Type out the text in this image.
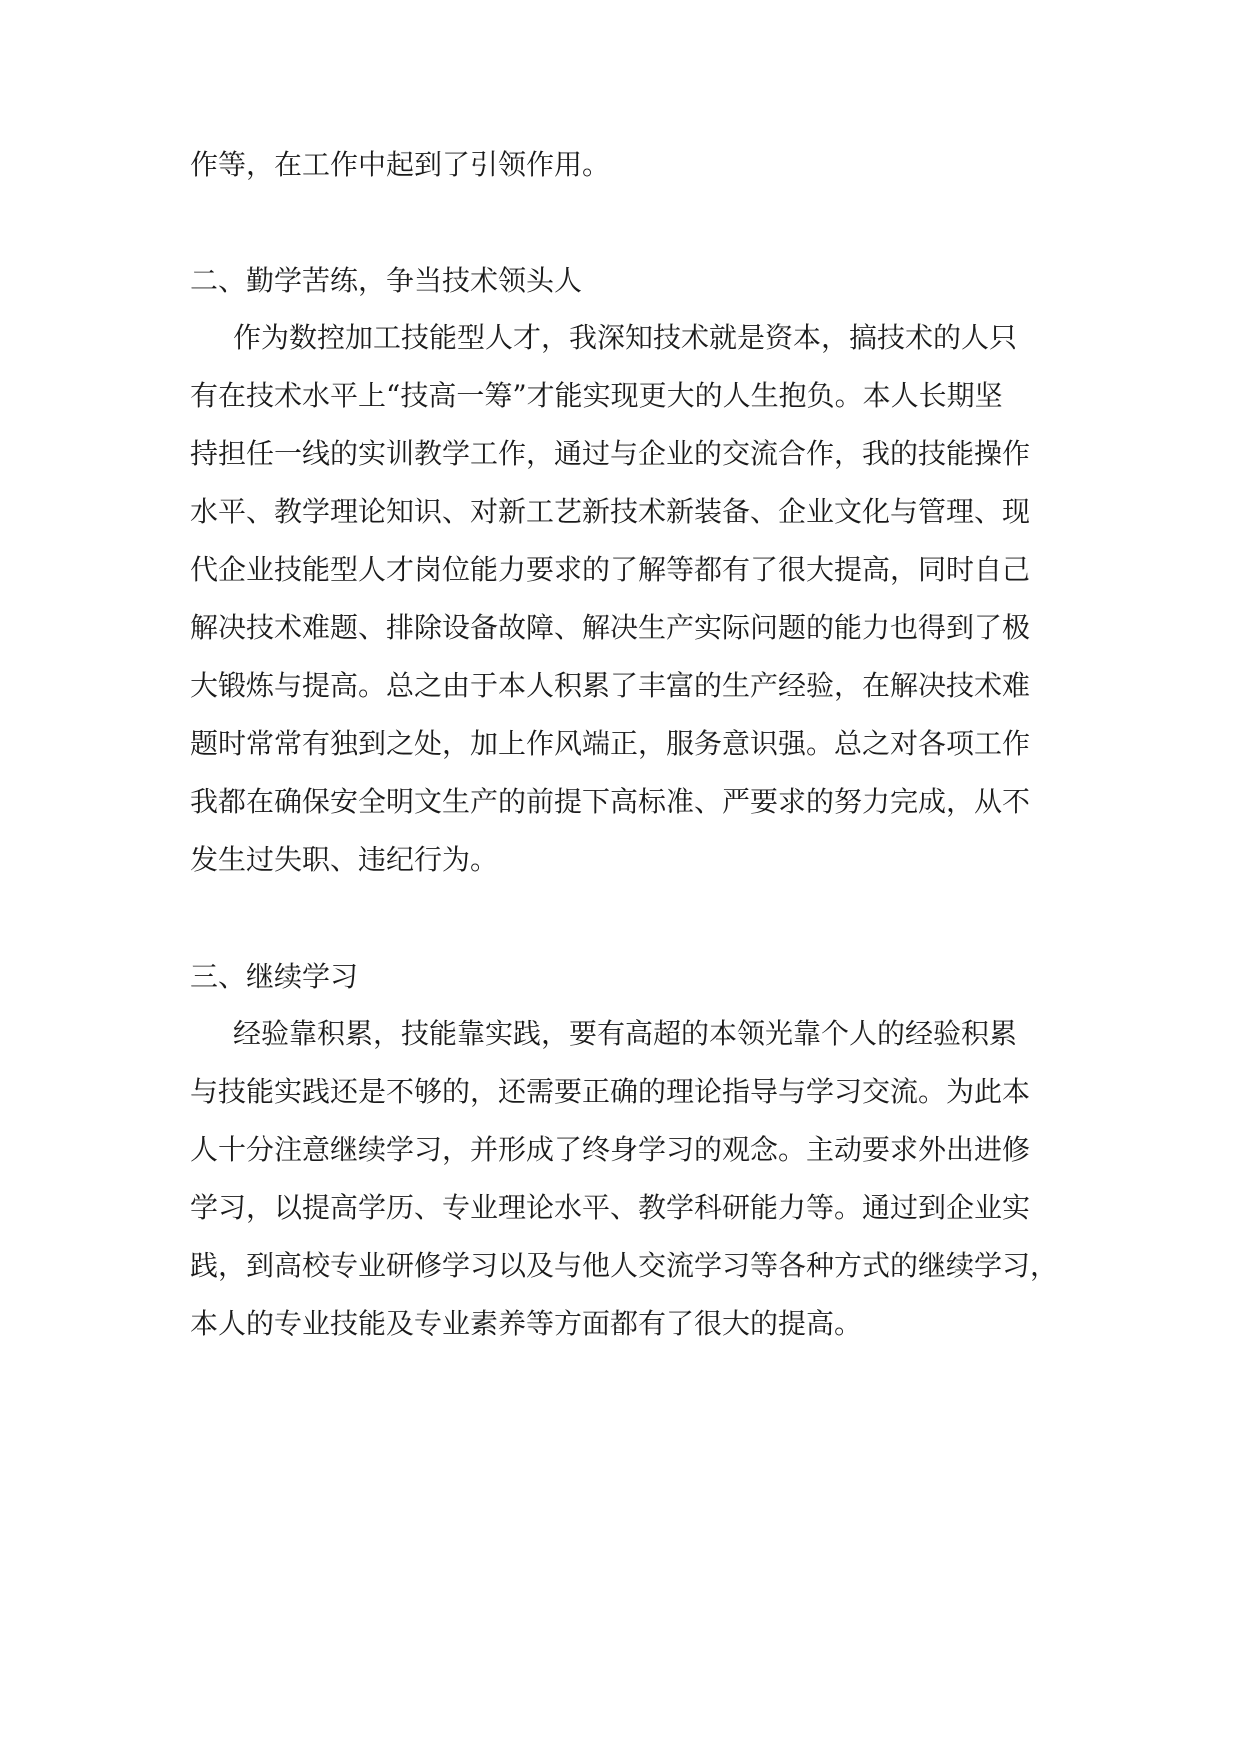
作等，在工作中起到了引领作用。
二、勤学苦练，争当技术领头人
作为数控加工技能型人才，我深知技术就是资本，搞技术的人只
有在技术水平上“技高一筹”才能实现更大的人生抱负。本人长期坚
持担任一线的实训教学工作，通过与企业的交流合作，我的技能操作
水平、教学理论知识、对新工艺新技术新装备、企业文化与管理、现
代企业技能型人才岗位能力要求的了解等都有了很大提高，同时自己
解决技术难题、排除设备故障、解决生产实际问题的能力也得到了极
大锻炼与提高。总之由于本人积累了丰富的生产经验，在解决技术难
题时常常有独到之处，加上作风端正，服务意识强。总之对各项工作
我都在确保安全明文生产的前提下高标准、严要求的努力完成，从不
发生过失职、违纪行为。
三、继续学习
经验靠积累，技能靠实践，要有高超的本领光靠个人的经验积累
与技能实践还是不够的，还需要正确的理论指导与学习交流。为此本
人十分注意继续学习，并形成了终身学习的观念。主动要求外出进修
学习，以提高学历、专业理论水平、教学科研能力等。通过到企业实
践，到高校专业研修学习以及与他人交流学习等各种方式的继续学习，
本人的专业技能及专业素养等方面都有了很大的提高。
